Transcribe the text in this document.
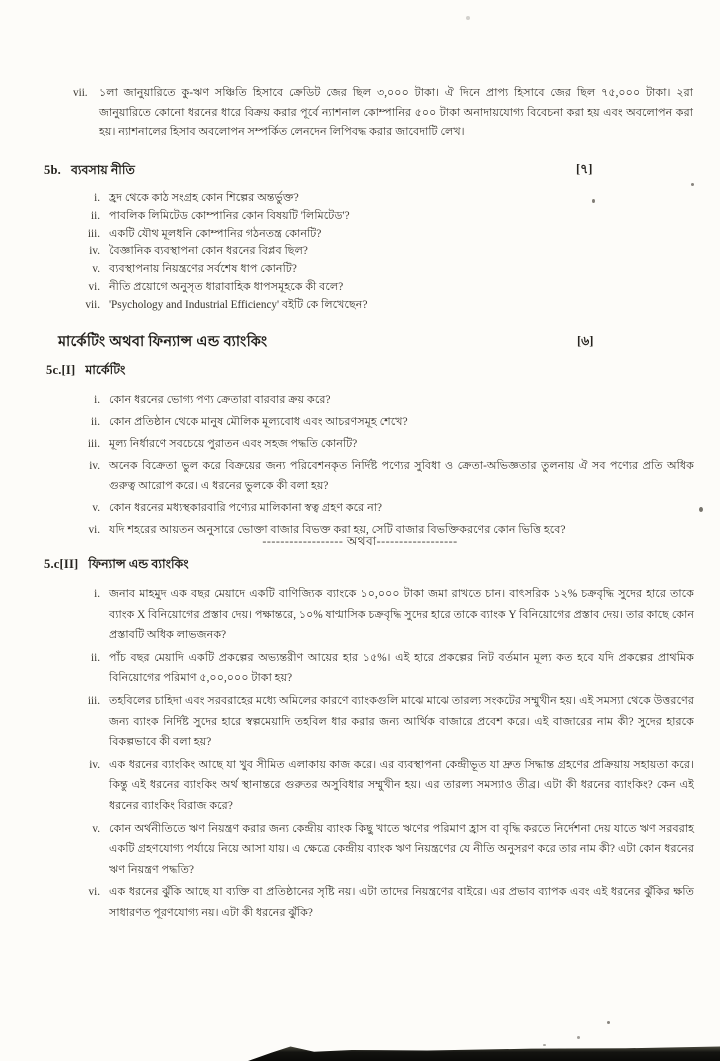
vii.	১লা জানুয়ারিতে কু-ঋণ সঞ্চিতি হিসাবে ক্রেডিট জের ছিল ৩,০০০ টাকা। ঐ দিনে প্রাপ্য হিসাবে জের ছিল ৭৫,০০০ টাকা। ২রা জানুয়ারিতে কোনো ধরনের ধারে বিক্রয় করার পূর্বে ন্যাশনাল কোম্পানির ৫০০ টাকা অনাদায়যোগ্য বিবেচনা করা হয় এবং অবলোপন করা হয়। ন্যাশনালের হিসাব অবলোপন সম্পর্কিত লেনদেন লিপিবদ্ধ করার জাবেদাটি লেখ।
5b. ব্যবসায় নীতি	[৭]
i. হ্রদ থেকে কাঠ সংগ্রহ কোন শিল্পের অন্তর্ভুক্ত?
ii. পাবলিক লিমিটেড কোম্পানির কোন বিষয়টি 'লিমিটেড'?
iii. একটি যৌথ মূলধনি কোম্পানির গঠনতন্ত্র কোনটি?
iv. বৈজ্ঞানিক ব্যবস্থাপনা কোন ধরনের বিপ্লব ছিল?
v. ব্যবস্থাপনায় নিয়ন্ত্রণের সর্বশেষ ধাপ কোনটি?
vi. নীতি প্রয়োগে অনুসৃত ধারাবাহিক ধাপসমূহকে কী বলে?
vii. 'Psychology and Industrial Efficiency' বইটি কে লিখেছেন?
মার্কেটিং অথবা ফিন্যান্স এন্ড ব্যাংকিং	[৬]
5c.[I] মার্কেটিং
i. কোন ধরনের ভোগ্য পণ্য ক্রেতারা বারবার ক্রয় করে?
ii. কোন প্রতিষ্ঠান থেকে মানুষ মৌলিক মূল্যবোধ এবং আচরণসমূহ শেখে?
iii. মূল্য নির্ধারণে সবচেয়ে পুরাতন এবং সহজ পদ্ধতি কোনটি?
iv. অনেক বিক্রেতা ভুল করে বিক্রয়ের জন্য পরিবেশনকৃত নির্দিষ্ট পণ্যের সুবিধা ও ক্রেতা-অভিজ্ঞতার তুলনায় ঐ সব পণ্যের প্রতি অধিক গুরুত্ব আরোপ করে। এ ধরনের ভুলকে কী বলা হয়?
v. কোন ধরনের মধ্যস্থকারবারি পণ্যের মালিকানা স্বত্ব গ্রহণ করে না?
vi. যদি শহরের আয়তন অনুসারে ভোক্তা বাজার বিভক্ত করা হয়, সেটি বাজার বিভক্তিকরণের কোন ভিত্তি হবে?
------------------ অথবা------------------
5.c[II] ফিন্যান্স এন্ড ব্যাংকিং
i. জনাব মাহমুদ এক বছর মেয়াদে একটি বাণিজ্যিক ব্যাংকে ১০,০০০ টাকা জমা রাখতে চান। বাৎসরিক ১২% চক্রবৃদ্ধি সুদের হারে তাকে ব্যাংক X বিনিয়োগের প্রস্তাব দেয়। পক্ষান্তরে, ১০% ষাণ্মাসিক চক্রবৃদ্ধি সুদের হারে তাকে ব্যাংক Y বিনিয়োগের প্রস্তাব দেয়। তার কাছে কোন প্রস্তাবটি অধিক লাভজনক?
ii. পাঁচ বছর মেয়াদি একটি প্রকল্পের অভ্যন্তরীণ আয়ের হার ১৫%। এই হারে প্রকল্পের নিট বর্তমান মূল্য কত হবে যদি প্রকল্পের প্রাথমিক বিনিয়োগের পরিমাণ ৫,০০,০০০ টাকা হয়?
iii. তহবিলের চাহিদা এবং সরবরাহের মধ্যে অমিলের কারণে ব্যাংকগুলি মাঝে মাঝে তারল্য সংকটের সম্মুখীন হয়। এই সমস্যা থেকে উত্তরণের জন্য ব্যাংক নির্দিষ্ট সুদের হারে স্বল্পমেয়াদি তহবিল ধার করার জন্য আর্থিক বাজারে প্রবেশ করে। এই বাজারের নাম কী? সুদের হারকে বিকল্পভাবে কী বলা হয়?
iv. এক ধরনের ব্যাংকিং আছে যা খুব সীমিত এলাকায় কাজ করে। এর ব্যবস্থাপনা কেন্দ্রীভূত যা দ্রুত সিদ্ধান্ত গ্রহণের প্রক্রিয়ায় সহায়তা করে। কিন্তু এই ধরনের ব্যাংকিং অর্থ স্থানান্তরে গুরুতর অসুবিধার সম্মুখীন হয়। এর তারল্য সমস্যাও তীব্র। এটা কী ধরনের ব্যাংকিং? কেন এই ধরনের ব্যাংকিং বিরাজ করে?
v. কোন অর্থনীতিতে ঋণ নিয়ন্ত্রণ করার জন্য কেন্দ্রীয় ব্যাংক কিছু খাতে ঋণের পরিমাণ হ্রাস বা বৃদ্ধি করতে নির্দেশনা দেয় যাতে ঋণ সরবরাহ একটি গ্রহণযোগ্য পর্যায়ে নিয়ে আসা যায়। এ ক্ষেত্রে কেন্দ্রীয় ব্যাংক ঋণ নিয়ন্ত্রণের যে নীতি অনুসরণ করে তার নাম কী? এটা কোন ধরনের ঋণ নিয়ন্ত্রণ পদ্ধতি?
vi. এক ধরনের ঝুঁকি আছে যা ব্যক্তি বা প্রতিষ্ঠানের সৃষ্টি নয়। এটা তাদের নিয়ন্ত্রণের বাইরে। এর প্রভাব ব্যাপক এবং এই ধরনের ঝুঁকির ক্ষতি সাধারণত পূরণযোগ্য নয়। এটা কী ধরনের ঝুঁকি?
